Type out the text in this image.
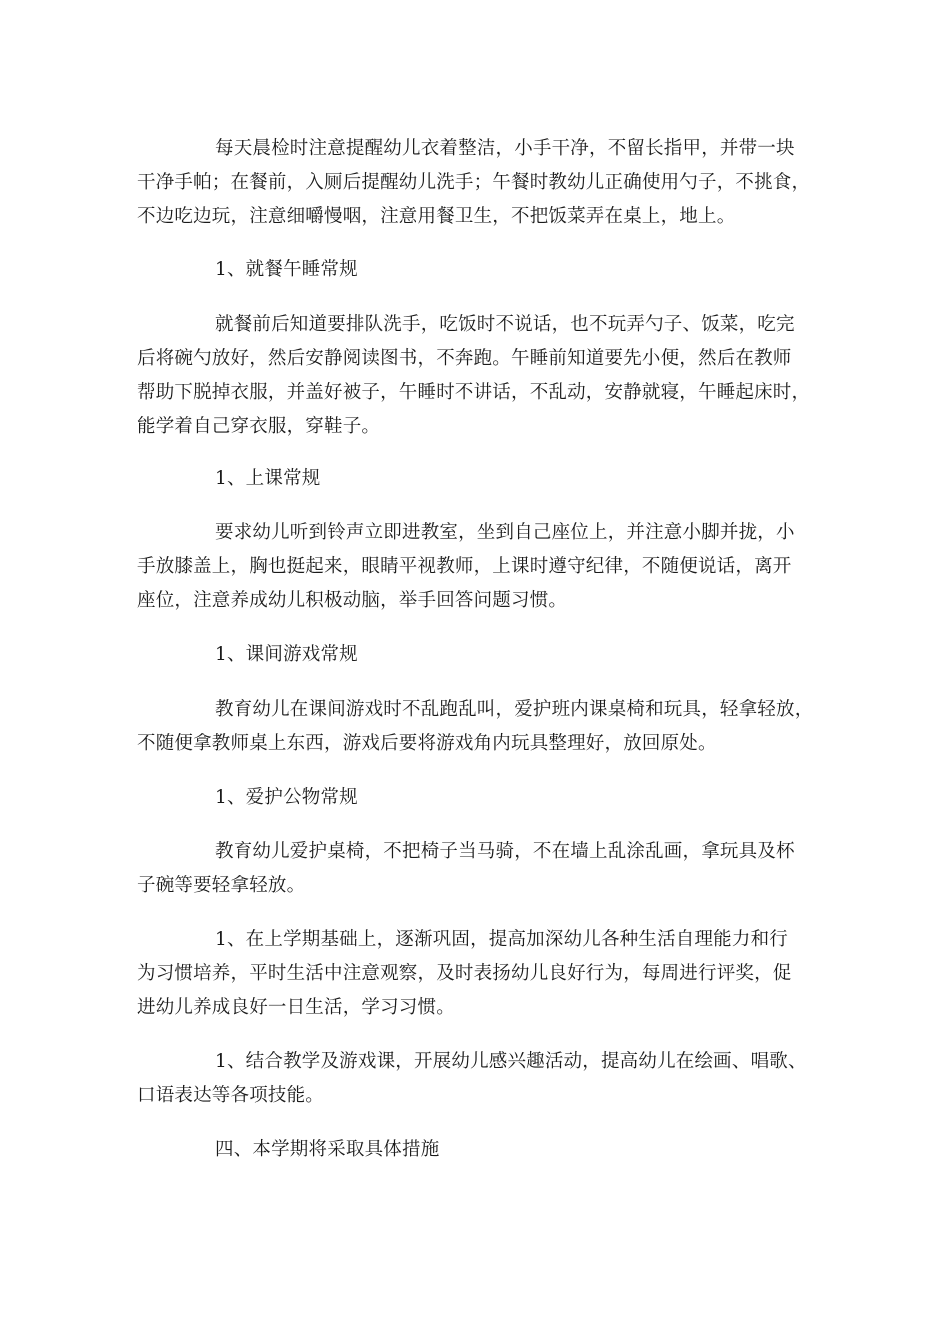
每天晨检时注意提醒幼儿衣着整洁，小手干净，不留长指甲，并带一块
干净手帕；在餐前，入厕后提醒幼儿洗手；午餐时教幼儿正确使用勺子，不挑食，
不边吃边玩，注意细嚼慢咽，注意用餐卫生，不把饭菜弄在桌上，地上。
1、就餐午睡常规
就餐前后知道要排队洗手，吃饭时不说话，也不玩弄勺子、饭菜，吃完
后将碗勺放好，然后安静阅读图书，不奔跑。午睡前知道要先小便，然后在教师
帮助下脱掉衣服，并盖好被子，午睡时不讲话，不乱动，安静就寝，午睡起床时，
能学着自己穿衣服，穿鞋子。
1、上课常规
要求幼儿听到铃声立即进教室，坐到自己座位上，并注意小脚并拢，小
手放膝盖上，胸也挺起来，眼睛平视教师，上课时遵守纪律，不随便说话，离开
座位，注意养成幼儿积极动脑，举手回答问题习惯。
1、课间游戏常规
教育幼儿在课间游戏时不乱跑乱叫，爱护班内课桌椅和玩具，轻拿轻放，
不随便拿教师桌上东西，游戏后要将游戏角内玩具整理好，放回原处。
1、爱护公物常规
教育幼儿爱护桌椅，不把椅子当马骑，不在墙上乱涂乱画，拿玩具及杯
子碗等要轻拿轻放。
1、在上学期基础上，逐渐巩固，提高加深幼儿各种生活自理能力和行
为习惯培养，平时生活中注意观察，及时表扬幼儿良好行为，每周进行评奖，促
进幼儿养成良好一日生活，学习习惯。
1、结合教学及游戏课，开展幼儿感兴趣活动，提高幼儿在绘画、唱歌、
口语表达等各项技能。
四、本学期将采取具体措施
